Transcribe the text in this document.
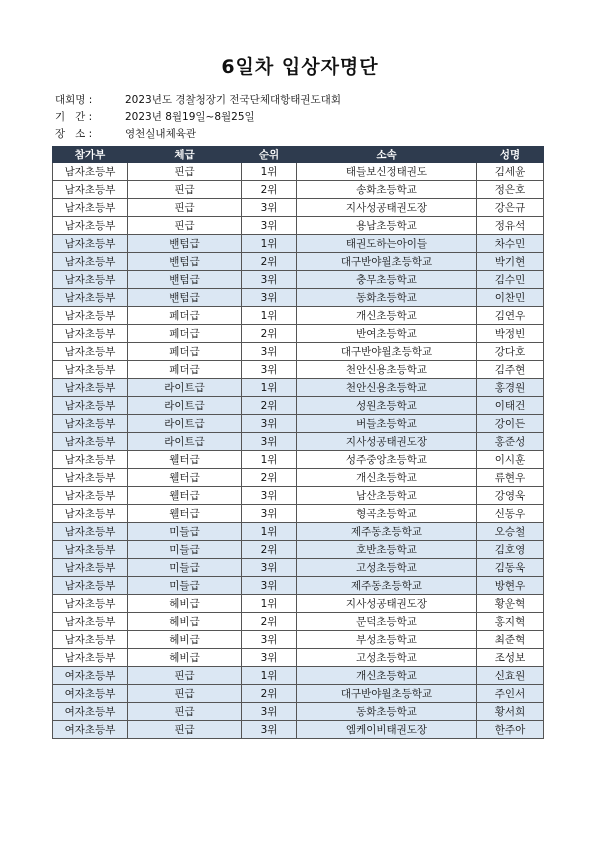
6일차 입상자명단
대회명 :	2023년도 경찰청장기 전국단체대항태권도대회
기   간 :	2023년 8월19일~8월25일
장   소 :	영천실내체육관
참가부	체급	순위	소속	성명
남자초등부	핀급	1위	태들보신정태권도	김세윤
남자초등부	핀급	2위	송화초등학교	정은호
남자초등부	핀급	3위	지사성공태권도장	강은규
남자초등부	핀급	3위	용남초등학교	정유석
남자초등부	밴텀급	1위	태권도하는아이들	차수민
남자초등부	밴텀급	2위	대구반야월초등학교	박기현
남자초등부	밴텀급	3위	충무초등학교	김수민
남자초등부	밴텀급	3위	동화초등학교	이찬민
남자초등부	페더급	1위	개신초등학교	김연우
남자초등부	페더급	2위	반여초등학교	박정빈
남자초등부	페더급	3위	대구반야월초등학교	강다호
남자초등부	페더급	3위	천안신용초등학교	김주현
남자초등부	라이트급	1위	천안신용초등학교	홍경원
남자초등부	라이트급	2위	성원초등학교	이태건
남자초등부	라이트급	3위	버들초등학교	강이든
남자초등부	라이트급	3위	지사성공태권도장	홍준성
남자초등부	웰터급	1위	성주중앙초등학교	이시훈
남자초등부	웰터급	2위	개신초등학교	류현우
남자초등부	웰터급	3위	남산초등학교	강영욱
남자초등부	웰터급	3위	형곡초등학교	신동우
남자초등부	미들급	1위	제주동초등학교	오승철
남자초등부	미들급	2위	호반초등학교	김호영
남자초등부	미들급	3위	고성초등학교	김동욱
남자초등부	미들급	3위	제주동초등학교	방현우
남자초등부	헤비급	1위	지사성공태권도장	황운혁
남자초등부	헤비급	2위	문덕초등학교	홍지혁
남자초등부	헤비급	3위	부성초등학교	최준혁
남자초등부	헤비급	3위	고성초등학교	조성보
여자초등부	핀급	1위	개신초등학교	신효원
여자초등부	핀급	2위	대구반야월초등학교	주인서
여자초등부	핀급	3위	동화초등학교	황서희
여자초등부	핀급	3위	엠케이비태권도장	한주아
